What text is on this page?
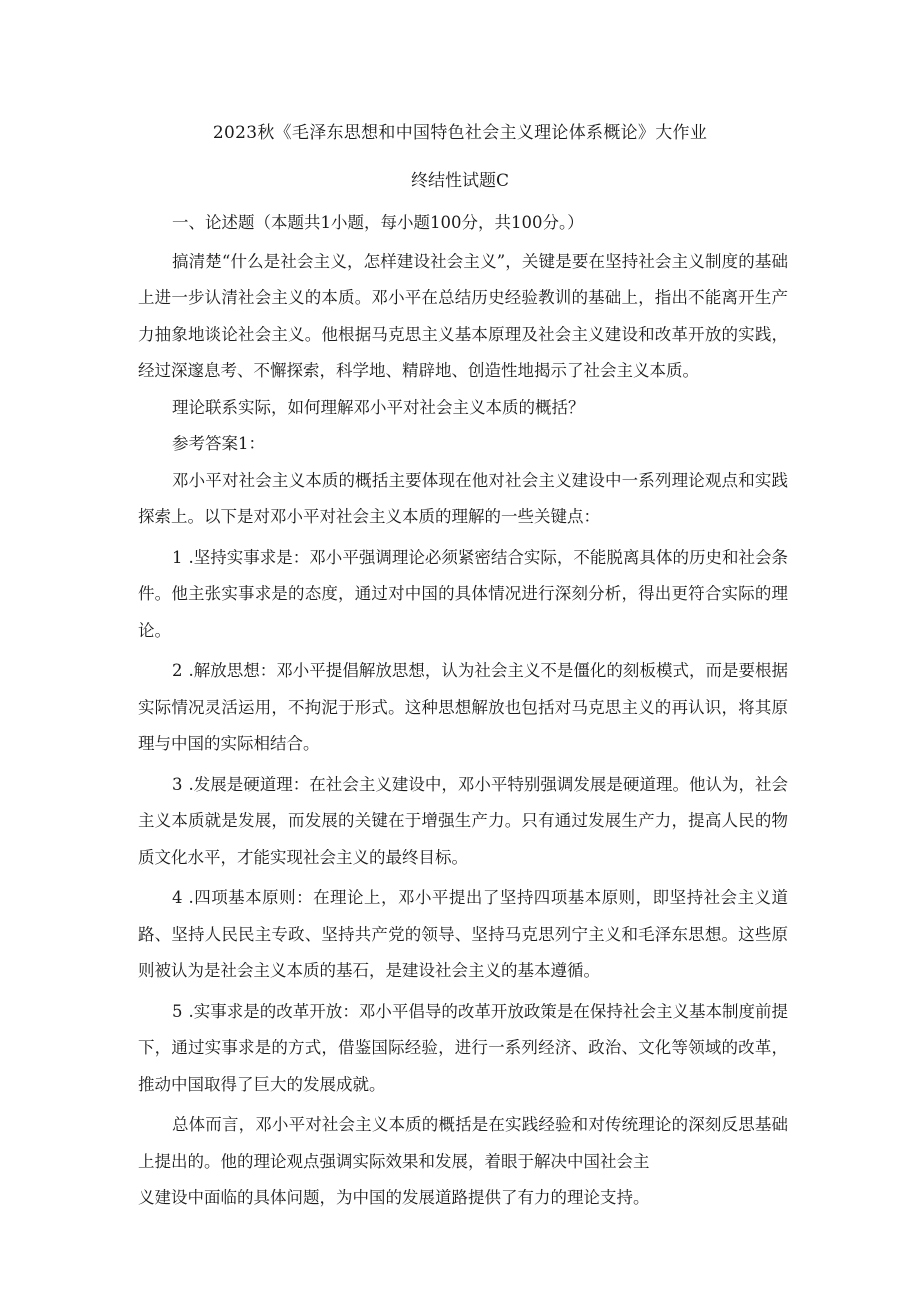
2023秋《毛泽东思想和中国特色社会主义理论体系概论》大作业
终结性试题C

一、论述题（本题共1小题，每小题100分，共100分。）

搞清楚“什么是社会主义，怎样建设社会主义”，关键是要在坚持社会主义制度的基础上进一步认清社会主义的本质。邓小平在总结历史经验教训的基础上，指出不能离开生产力抽象地谈论社会主义。他根据马克思主义基本原理及社会主义建设和改革开放的实践，经过深邃息考、不懈探索，科学地、精辟地、创造性地揭示了社会主义本质。

理论联系实际，如何理解邓小平对社会主义本质的概括？

参考答案1：

邓小平对社会主义本质的概括主要体现在他对社会主义建设中一系列理论观点和实践探索上。以下是对邓小平对社会主义本质的理解的一些关键点：

1 .坚持实事求是：邓小平强调理论必须紧密结合实际，不能脱离具体的历史和社会条件。他主张实事求是的态度，通过对中国的具体情况进行深刻分析，得出更符合实际的理论。

2 .解放思想：邓小平提倡解放思想，认为社会主义不是僵化的刻板模式，而是要根据实际情况灵活运用，不拘泥于形式。这种思想解放也包括对马克思主义的再认识，将其原理与中国的实际相结合。

3 .发展是硬道理：在社会主义建设中，邓小平特别强调发展是硬道理。他认为，社会主义本质就是发展，而发展的关键在于增强生产力。只有通过发展生产力，提高人民的物质文化水平，才能实现社会主义的最终目标。

4 .四项基本原则：在理论上，邓小平提出了坚持四项基本原则，即坚持社会主义道路、坚持人民民主专政、坚持共产党的领导、坚持马克思列宁主义和毛泽东思想。这些原则被认为是社会主义本质的基石，是建设社会主义的基本遵循。

5 .实事求是的改革开放：邓小平倡导的改革开放政策是在保持社会主义基本制度前提下，通过实事求是的方式，借鉴国际经验，进行一系列经济、政治、文化等领域的改革，推动中国取得了巨大的发展成就。

总体而言，邓小平对社会主义本质的概括是在实践经验和对传统理论的深刻反思基础上提出的。他的理论观点强调实际效果和发展，着眼于解决中国社会主

义建设中面临的具体问题，为中国的发展道路提供了有力的理论支持。
